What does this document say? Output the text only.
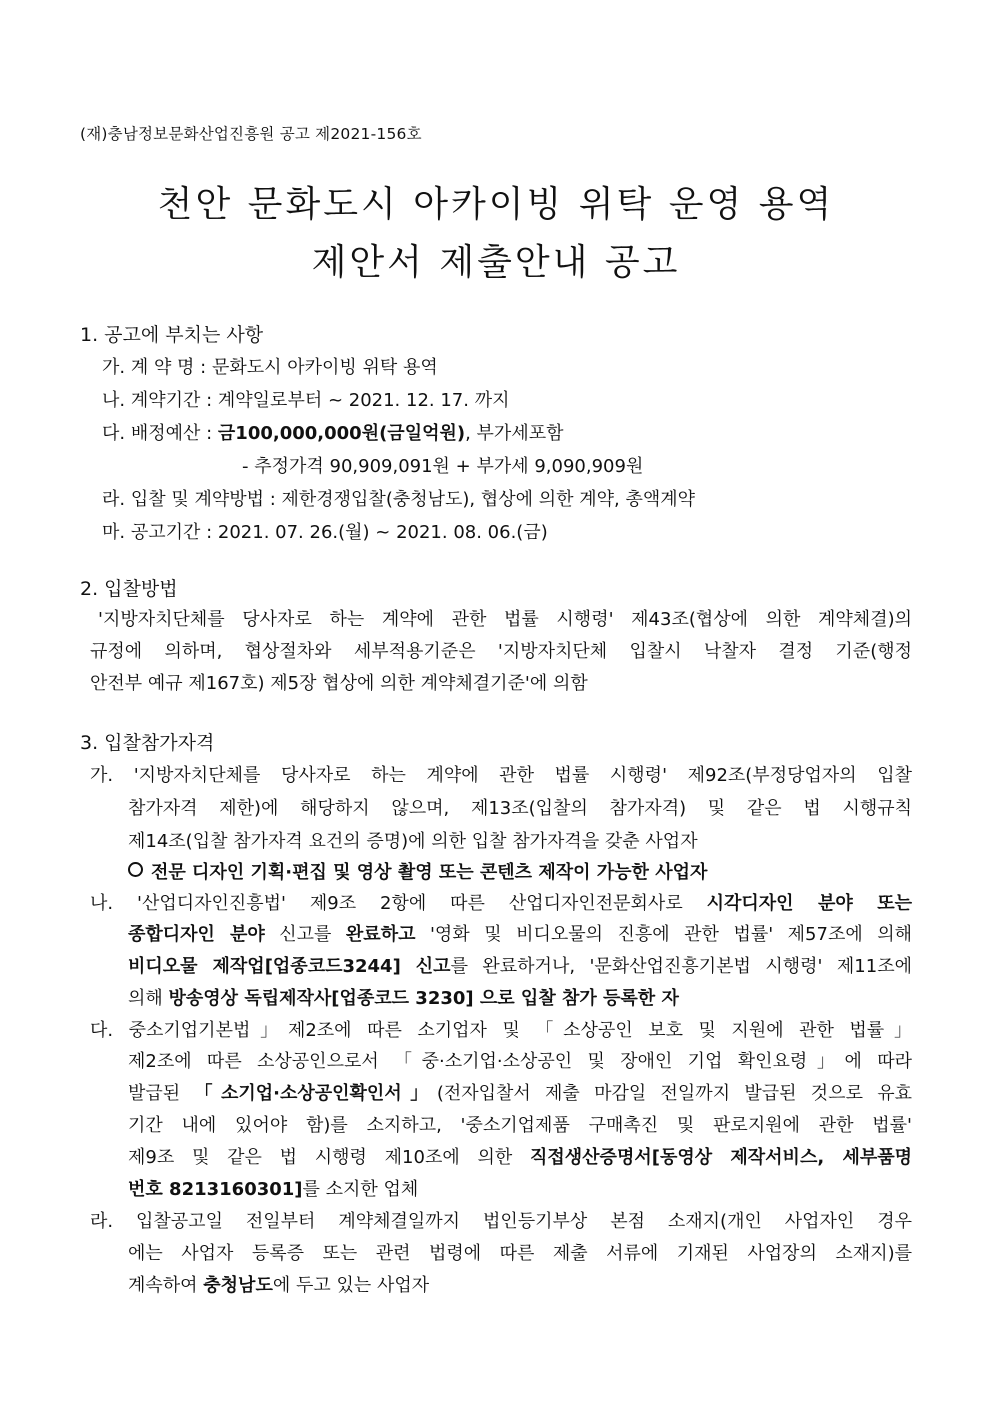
(재)충남정보문화산업진흥원 공고 제2021-156호
천안 문화도시 아카이빙 위탁 운영 용역
제안서 제출안내 공고
1. 공고에 부치는 사항
가. 계 약 명 : 문화도시 아카이빙 위탁 용역
나. 계약기간 : 계약일로부터 ~ 2021. 12. 17. 까지
다. 배정예산 : 금100,000,000원(금일억원), 부가세포함
- 추정가격 90,909,091원 + 부가세 9,090,909원
라. 입찰 및 계약방법 : 제한경쟁입찰(충청남도), 협상에 의한 계약, 총액계약
마. 공고기간 : 2021. 07. 26.(월) ~ 2021. 08. 06.(금)
2. 입찰방법
'지방자치단체를 당사자로 하는 계약에 관한 법률 시행령' 제43조(협상에 의한 계약체결)의
규정에 의하며, 협상절차와 세부적용기준은 '지방자치단체 입찰시 낙찰자 결정 기준(행정
안전부 예규 제167호) 제5장 협상에 의한 계약체결기준'에 의함
3. 입찰참가자격
가. '지방자치단체를 당사자로 하는 계약에 관한 법률 시행령' 제92조(부정당업자의 입찰
참가자격 제한)에 해당하지 않으며, 제13조(입찰의 참가자격) 및 같은 법 시행규칙
제14조(입찰 참가자격 요건의 증명)에 의한 입찰 참가자격을 갖춘 사업자
전문 디자인 기획·편집 및 영상 촬영 또는 콘텐츠 제작이 가능한 사업자
나. '산업디자인진흥법' 제9조 2항에 따른 산업디자인전문회사로 시각디자인 분야 또는
종합디자인 분야 신고를 완료하고 '영화 및 비디오물의 진흥에 관한 법률' 제57조에 의해
비디오물 제작업[업종코드3244] 신고를 완료하거나, '문화산업진흥기본법 시행령' 제11조에
의해 방송영상 독립제작사[업종코드 3230] 으로 입찰 참가 등록한 자
다. 중소기업기본법」제2조에 따른 소기업자 및 「소상공인 보호 및 지원에 관한 법률」
제2조에 따른 소상공인으로서 「중·소기업·소상공인 및 장애인 기업 확인요령」에 따라
발급된 「소기업·소상공인확인서」(전자입찰서 제출 마감일 전일까지 발급된 것으로 유효
기간 내에 있어야 함)를 소지하고, '중소기업제품 구매촉진 및 판로지원에 관한 법률'
제9조 및 같은 법 시행령 제10조에 의한 직접생산증명서[동영상 제작서비스, 세부품명
번호 8213160301]를 소지한 업체
라. 입찰공고일 전일부터 계약체결일까지 법인등기부상 본점 소재지(개인 사업자인 경우
에는 사업자 등록증 또는 관련 법령에 따른 제출 서류에 기재된 사업장의 소재지)를
계속하여 충청남도에 두고 있는 사업자
